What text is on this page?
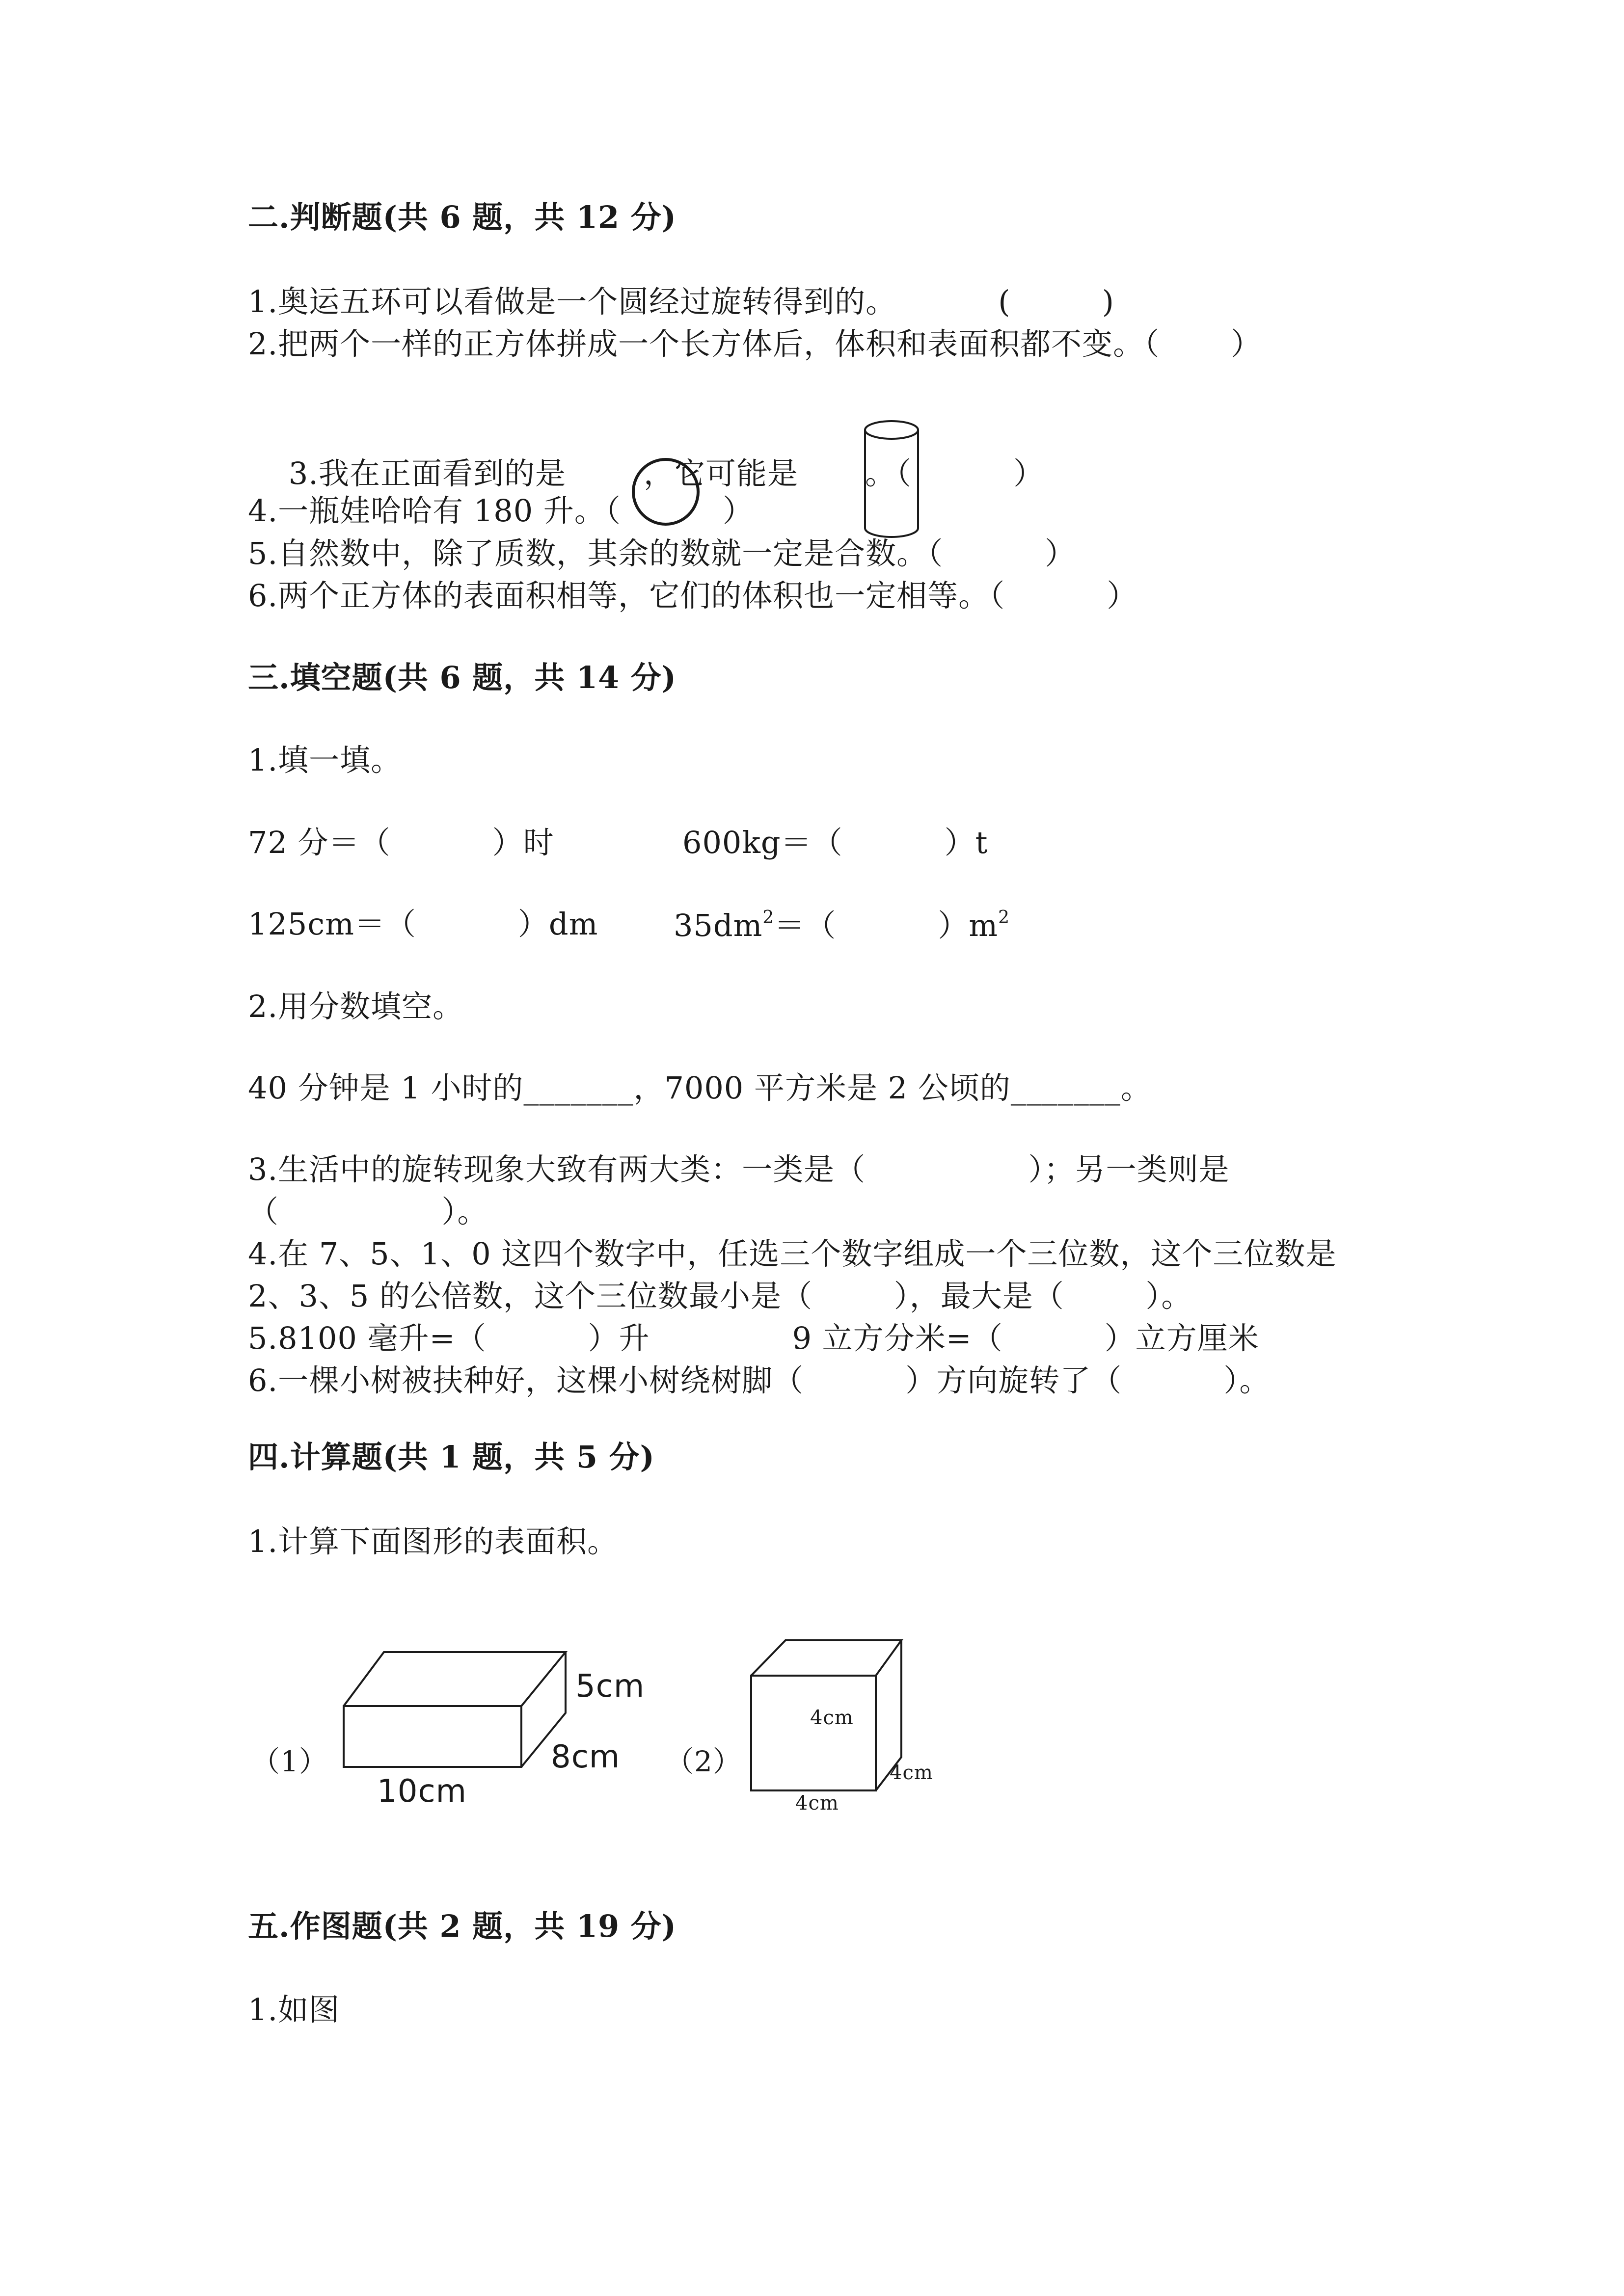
二.判断题(共 6 题，共 12 分)
1.奥运五环可以看做是一个圆经过旋转得到的。          (         )
2.把两个一样的正方体拼成一个长方体后，体积和表面积都不变。（       ）

3.我在正面看到的是
	，它可能是
。（          ）

4.一瓶娃哈哈有 180 升。（          ）
5.自然数中，除了质数，其余的数就一定是合数。（          ）
6.两个正方体的表面积相等，它们的体积也一定相等。（          ）
三.填空题(共 6 题，共 14 分)
1.填一填。
72 分＝（          ）时	600kg＝（          ）t
125cm＝（          ）dm $35dm^2=$（          ）$m^2$
2.用分数填空。
40 分钟是 1 小时的_______，7000 平方米是 2 公顷的_______。
3.生活中的旋转现象大致有两大类：一类是（                ）；另一类则是
（                ）。
4.在 7、5、1、0 这四个数字中，任选三个数字组成一个三位数，这个三位数是
2、3、5 的公倍数，这个三位数最小是（        ），最大是（        ）。
5.8100 毫升=（          ）升              9 立方分米=（          ）立方厘米
6.一棵小树被扶种好，这棵小树绕树脚（          ）方向旋转了（          ）。
四.计算题(共 1 题，共 5 分)
1.计算下面图形的表面积。
（1）
5cm
8cm
10cm
（2）
4cm
4cm
4cm
五.作图题(共 2 题，共 19 分)
1.如图
